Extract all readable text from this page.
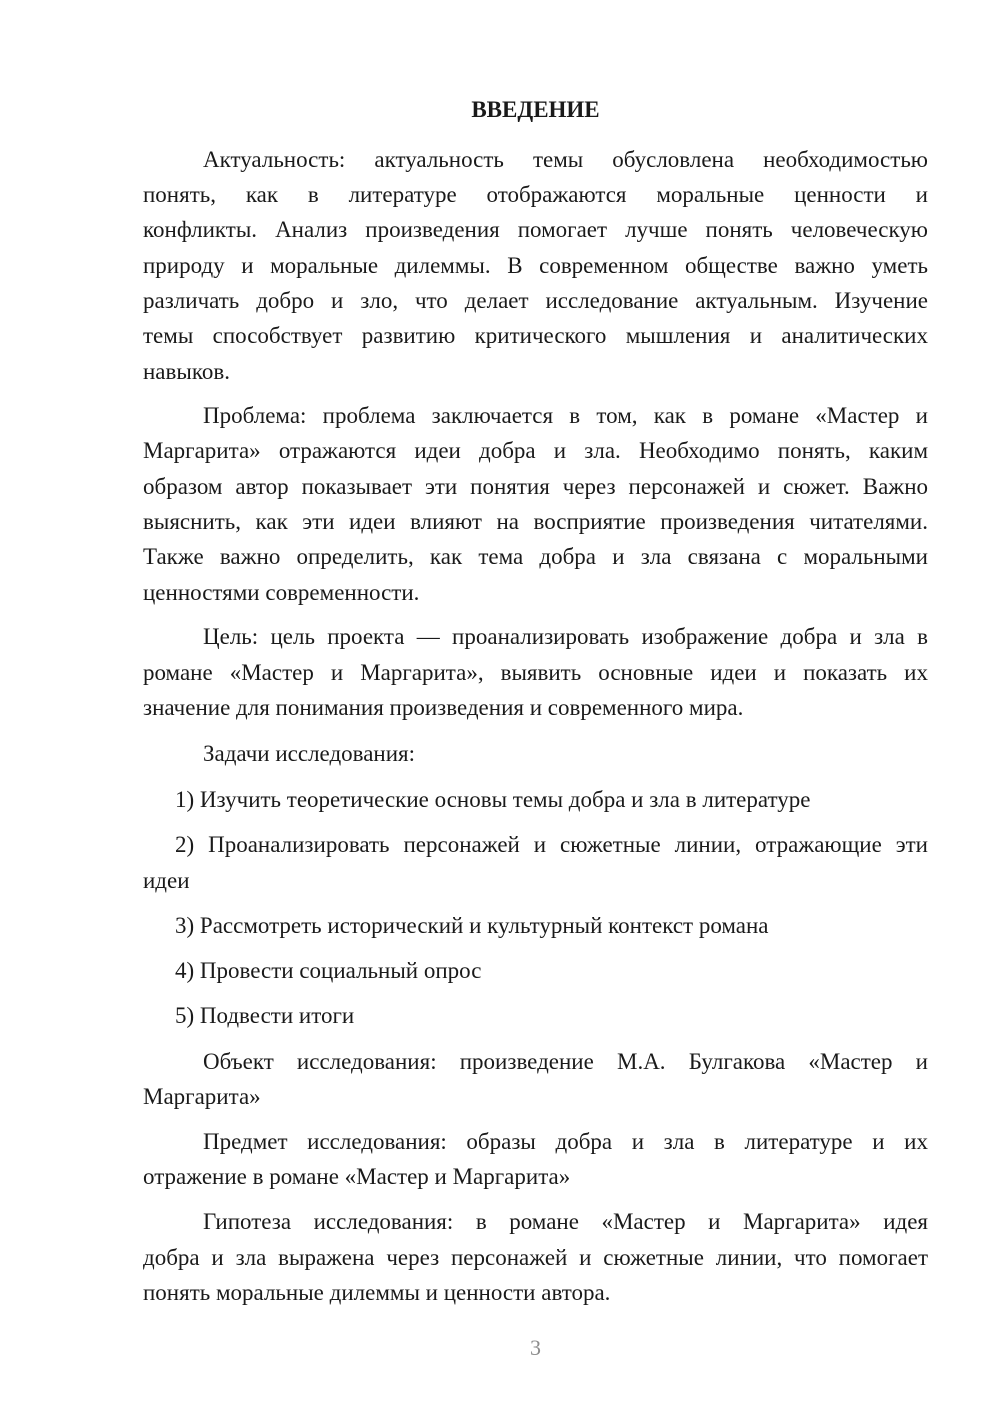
ВВЕДЕНИЕ
Актуальность: актуальность темы обусловлена необходимостью
понять, как в литературе отображаются моральные ценности и
конфликты. Анализ произведения помогает лучше понять человеческую
природу и моральные дилеммы. В современном обществе важно уметь
различать добро и зло, что делает исследование актуальным. Изучение
темы способствует развитию критического мышления и аналитических
навыков.
Проблема: проблема заключается в том, как в романе «Мастер и
Маргарита» отражаются идеи добра и зла. Необходимо понять, каким
образом автор показывает эти понятия через персонажей и сюжет. Важно
выяснить, как эти идеи влияют на восприятие произведения читателями.
Также важно определить, как тема добра и зла связана с моральными
ценностями современности.
Цель: цель проекта — проанализировать изображение добра и зла в
романе «Мастер и Маргарита», выявить основные идеи и показать их
значение для понимания произведения и современного мира.
Задачи исследования:
1) Изучить теоретические основы темы добра и зла в литературе
2) Проанализировать персонажей и сюжетные линии, отражающие эти
идеи
3) Рассмотреть исторический и культурный контекст романа
4) Провести социальный опрос
5) Подвести итоги
Объект исследования: произведение М.А. Булгакова «Мастер и
Маргарита»
Предмет исследования: образы добра и зла в литературе и их
отражение в романе «Мастер и Маргарита»
Гипотеза исследования: в романе «Мастер и Маргарита» идея
добра и зла выражена через персонажей и сюжетные линии, что помогает
понять моральные дилеммы и ценности автора.
3
